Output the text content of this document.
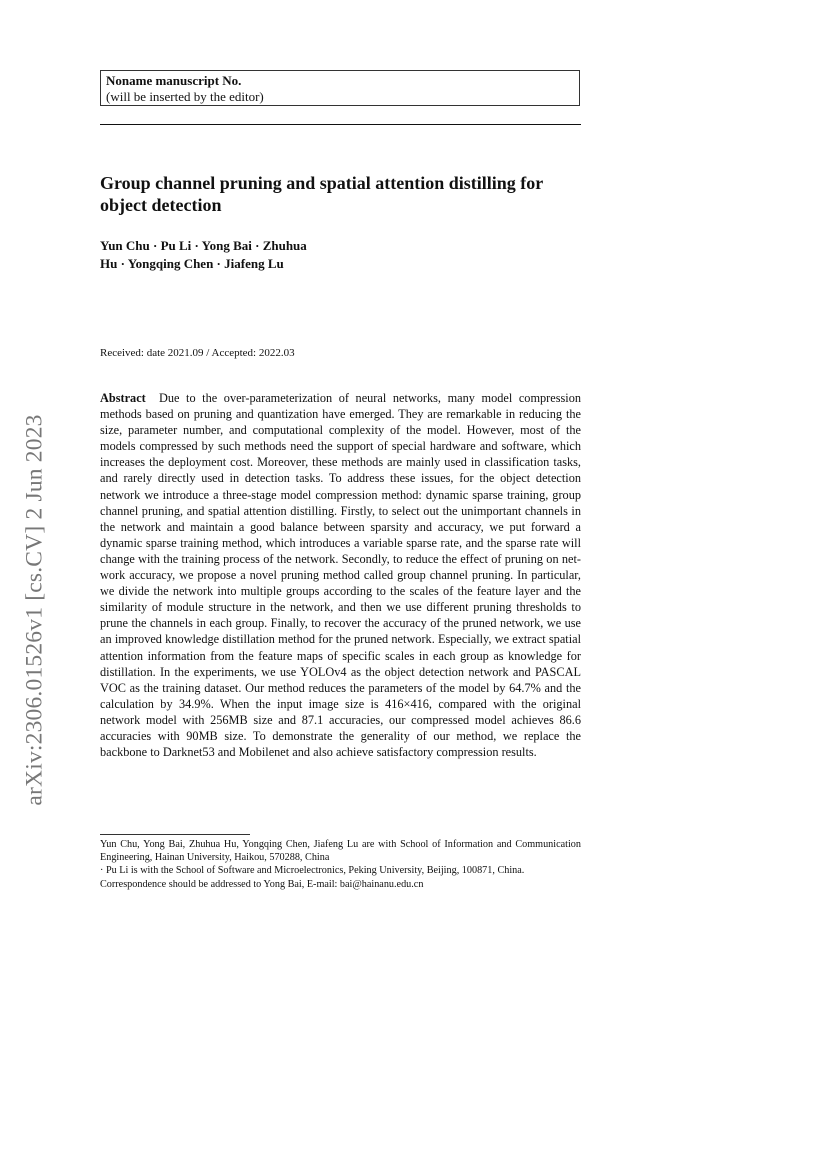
arXiv:2306.01526v1 [cs.CV] 2 Jun 2023
Noname manuscript No.
(will be inserted by the editor)
Group channel pruning and spatial attention distilling for object detection
Yun Chu · Pu Li · Yong Bai · Zhuhua
Hu · Yongqing Chen · Jiafeng Lu
Received: date 2021.09 / Accepted: 2022.03
Abstract Due to the over-parameterization of neural networks, many model compression methods based on pruning and quantization have emerged. They are remarkable in reducing the size, parameter number, and computational complexity of the model. However, most of the models compressed by such methods need the support of special hardware and software, which increases the deployment cost. Moreover, these methods are mainly used in classification tasks, and rarely directly used in detection tasks. To address these issues, for the object detection network we introduce a three-stage model compression method: dynamic sparse training, group channel pruning, and spatial attention distilling. Firstly, to select out the unimportant channels in the network and maintain a good balance between sparsity and accuracy, we put forward a dynamic sparse training method, which introduces a variable sparse rate, and the sparse rate will change with the training process of the network. Secondly, to reduce the effect of pruning on network accuracy, we propose a novel pruning method called group channel pruning. In particular, we divide the network into multiple groups according to the scales of the feature layer and the similarity of module structure in the network, and then we use different pruning thresholds to prune the channels in each group. Finally, to recover the accuracy of the pruned network, we use an improved knowledge distillation method for the pruned network. Especially, we extract spatial attention information from the feature maps of specific scales in each group as knowledge for distillation. In the experiments, we use YOLOv4 as the object detection network and PASCAL VOC as the training dataset. Our method reduces the parameters of the model by 64.7% and the calculation by 34.9%. When the input image size is 416×416, compared with the original network model with 256MB size and 87.1 accuracies, our compressed model achieves 86.6 accuracies with 90MB size. To demonstrate the generality of our method, we replace the backbone to Darknet53 and Mobilenet and also achieve satisfactory compression results.

Yun Chu, Yong Bai, Zhuhua Hu, Yongqing Chen, Jiafeng Lu are with School of Information and Communication Engineering, Hainan University, Haikou, 570288, China

· Pu Li is with the School of Software and Microelectronics, Peking University, Beijing, 100871, China.

Correspondence should be addressed to Yong Bai, E-mail: bai@hainanu.edu.cn
